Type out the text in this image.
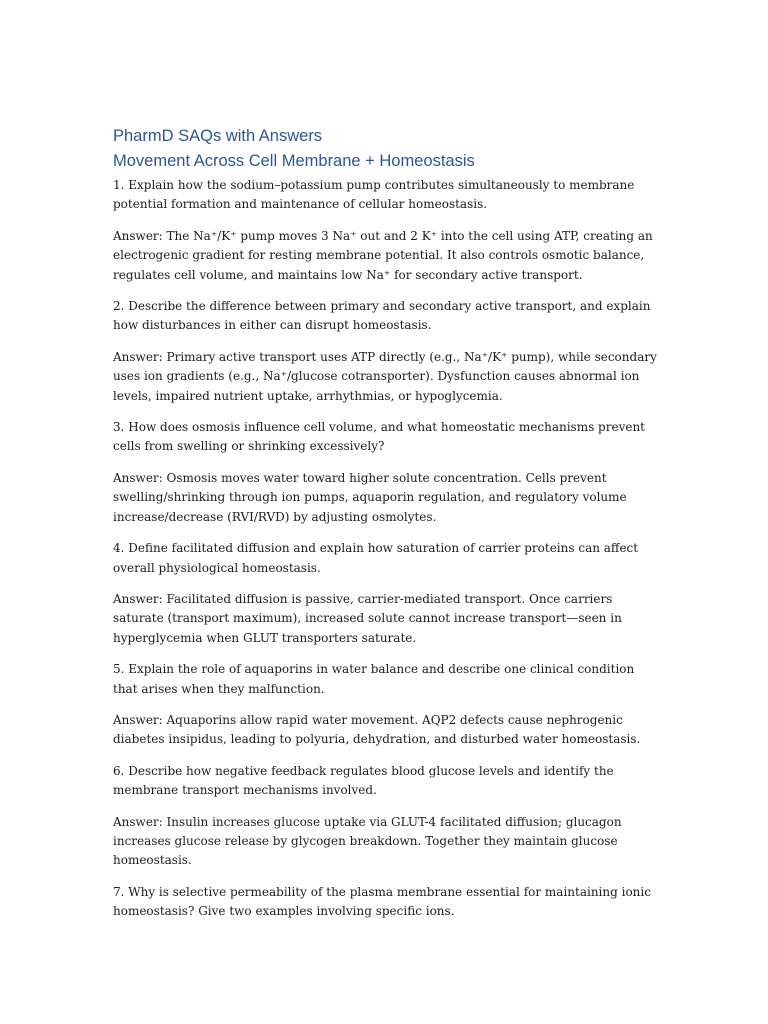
PharmD SAQs with Answers
Movement Across Cell Membrane + Homeostasis

1. Explain how the sodium–potassium pump contributes simultaneously to membrane potential formation and maintenance of cellular homeostasis.

Answer: The Na⁺/K⁺ pump moves 3 Na⁺ out and 2 K⁺ into the cell using ATP, creating an electrogenic gradient for resting membrane potential. It also controls osmotic balance, regulates cell volume, and maintains low Na⁺ for secondary active transport.

2. Describe the difference between primary and secondary active transport, and explain how disturbances in either can disrupt homeostasis.

Answer: Primary active transport uses ATP directly (e.g., Na⁺/K⁺ pump), while secondary uses ion gradients (e.g., Na⁺/glucose cotransporter). Dysfunction causes abnormal ion levels, impaired nutrient uptake, arrhythmias, or hypoglycemia.

3. How does osmosis influence cell volume, and what homeostatic mechanisms prevent cells from swelling or shrinking excessively?

Answer: Osmosis moves water toward higher solute concentration. Cells prevent swelling/shrinking through ion pumps, aquaporin regulation, and regulatory volume increase/decrease (RVI/RVD) by adjusting osmolytes.

4. Define facilitated diffusion and explain how saturation of carrier proteins can affect overall physiological homeostasis.

Answer: Facilitated diffusion is passive, carrier-mediated transport. Once carriers saturate (transport maximum), increased solute cannot increase transport—seen in hyperglycemia when GLUT transporters saturate.

5. Explain the role of aquaporins in water balance and describe one clinical condition that arises when they malfunction.

Answer: Aquaporins allow rapid water movement. AQP2 defects cause nephrogenic diabetes insipidus, leading to polyuria, dehydration, and disturbed water homeostasis.

6. Describe how negative feedback regulates blood glucose levels and identify the membrane transport mechanisms involved.

Answer: Insulin increases glucose uptake via GLUT-4 facilitated diffusion; glucagon increases glucose release by glycogen breakdown. Together they maintain glucose homeostasis.

7. Why is selective permeability of the plasma membrane essential for maintaining ionic homeostasis? Give two examples involving specific ions.
